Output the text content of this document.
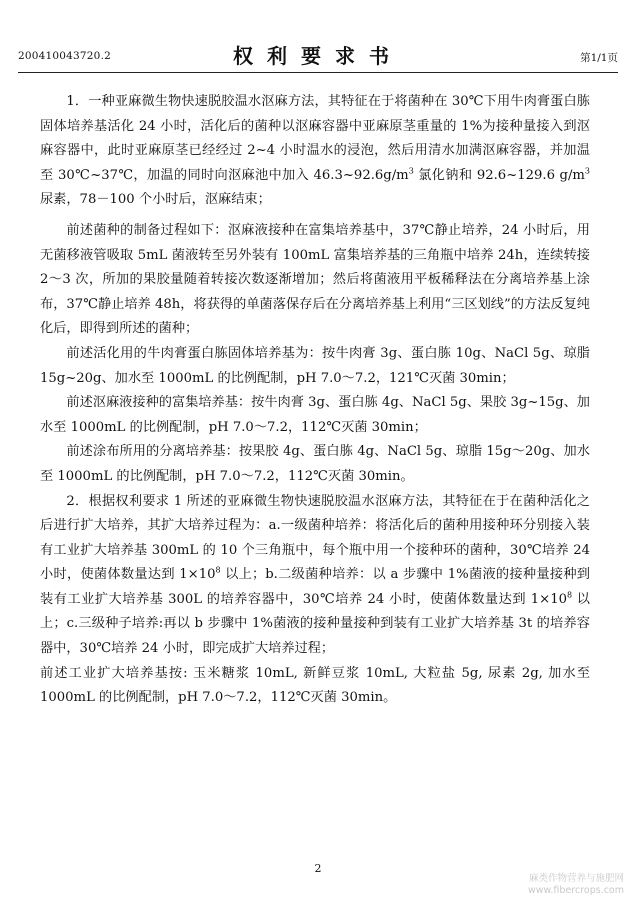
200410043720.2	权利要求书	第1/1页

1．一种亚麻微生物快速脱胶温水沤麻方法，其特征在于将菌种在 30℃下用牛肉膏蛋白胨固体培养基活化 24 小时，活化后的菌种以沤麻容器中亚麻原茎重量的 1%为接种量接入到沤麻容器中，此时亚麻原茎已经经过 2~4 小时温水的浸泡，然后用清水加满沤麻容器，并加温至 30℃~37℃，加温的同时向沤麻池中加入 $46.3\sim 92.6g/m^3$ 氯化钠和 92.6~129.6 $g/m^3$ 尿素，78－100 个小时后，沤麻结束；

前述菌种的制备过程如下：沤麻液接种在富集培养基中，37℃静止培养，24 小时后，用无菌移液管吸取 5mL 菌液转至另外装有 100mL 富集培养基的三角瓶中培养 24h，连续转接 2～3 次，所加的果胶量随着转接次数逐渐增加；然后将菌液用平板稀释法在分离培养基上涂布，37℃静止培养 48h，将获得的单菌落保存后在分离培养基上利用“三区划线”的方法反复纯化后，即得到所述的菌种；

前述活化用的牛肉膏蛋白胨固体培养基为：按牛肉膏 3g、蛋白胨 10g、NaCl 5g、琼脂 15g~20g、加水至 1000mL 的比例配制，pH 7.0～7.2，121℃灭菌 30min；

前述沤麻液接种的富集培养基：按牛肉膏 3g、蛋白胨 4g、NaCl 5g、果胶 3g~15g、加水至 1000mL 的比例配制，pH 7.0～7.2，112℃灭菌 30min；

前述涂布所用的分离培养基：按果胶 4g、蛋白胨 4g、NaCl 5g、琼脂 15g～20g、加水至 1000mL 的比例配制，pH 7.0～7.2，112℃灭菌 30min。

2．根据权利要求 1 所述的亚麻微生物快速脱胶温水沤麻方法，其特征在于在菌种活化之后进行扩大培养，其扩大培养过程为：a.一级菌种培养：将活化后的菌种用接种环分别接入装有工业扩大培养基 300mL 的 10 个三角瓶中，每个瓶中用一个接种环的菌种，30℃培养 24 小时，使菌体数量达到 $1\times 10^8$ 以上；b.二级菌种培养：以 a 步骤中 1%菌液的接种量接种到装有工业扩大培养基 300L 的培养容器中，30℃培养 24 小时，使菌体数量达到 $1\times 10^8$ 以上；c.三级种子培养:再以 b 步骤中 1%菌液的接种量接种到装有工业扩大培养基 3t 的培养容器中，30℃培养 24 小时，即完成扩大培养过程；

前述工业扩大培养基按: 玉米糖浆 10mL, 新鲜豆浆 10mL, 大粒盐 5g, 尿素 2g, 加水至 1000mL 的比例配制，pH 7.0～7.2，112℃灭菌 30min。

2
麻类作物营养与施肥网
www.fibercrops.com
